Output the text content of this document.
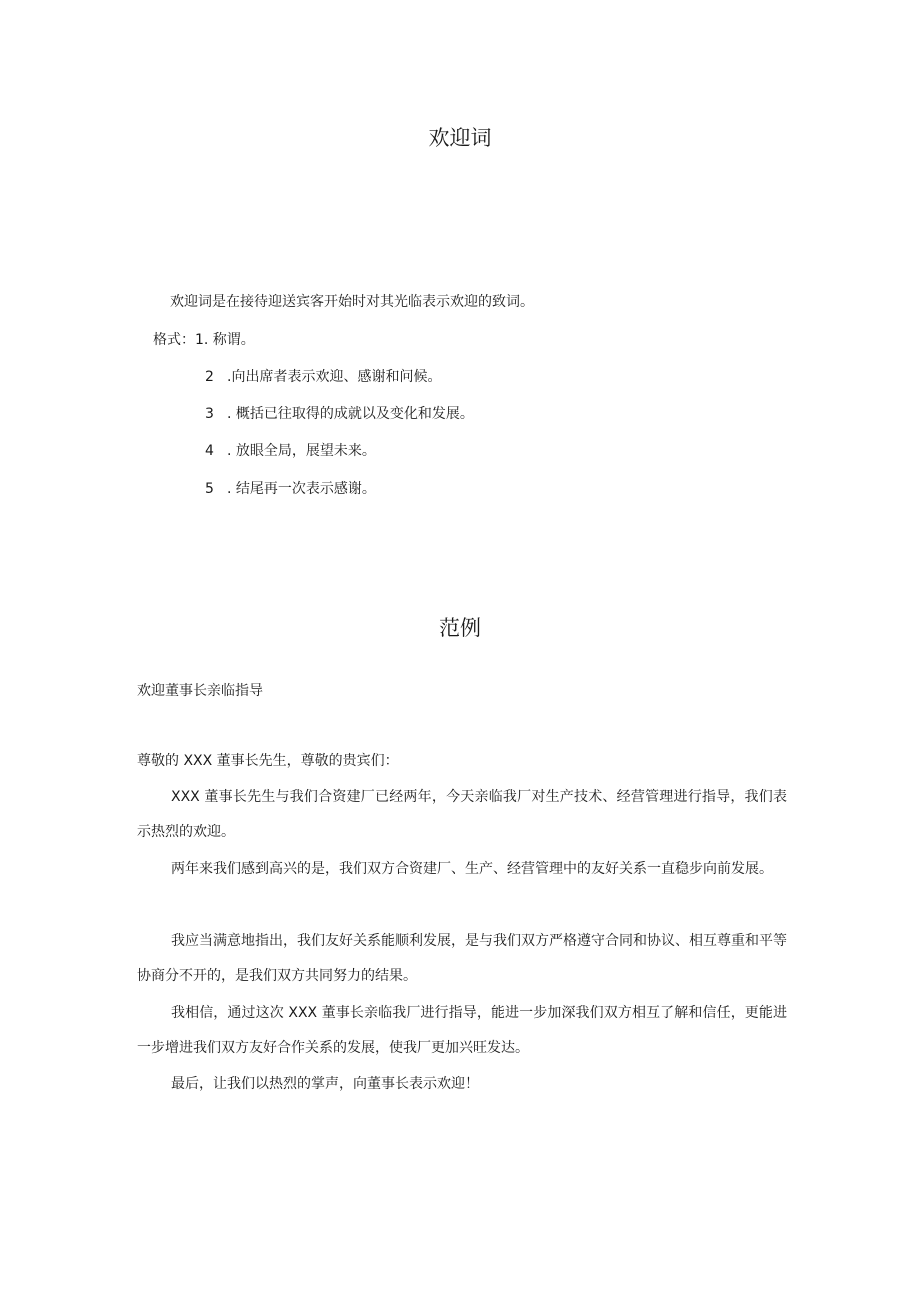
欢迎词
欢迎词是在接待迎送宾客开始时对其光临表示欢迎的致词。
格式：1. 称谓。
2 .向出席者表示欢迎、感谢和问候。
3 . 概括已往取得的成就以及变化和发展。
4 . 放眼全局，展望未来。
5 . 结尾再一次表示感谢。
范例
欢迎董事长亲临指导
尊敬的 XXX 董事长先生，尊敬的贵宾们：
XXX 董事长先生与我们合资建厂已经两年，今天亲临我厂对生产技术、经营管理进行指导，我们表示热烈的欢迎。
两年来我们感到高兴的是，我们双方合资建厂、生产、经营管理中的友好关系一直稳步向前发展。
我应当满意地指出，我们友好关系能顺利发展，是与我们双方严格遵守合同和协议、相互尊重和平等协商分不开的，是我们双方共同努力的结果。
我相信，通过这次 XXX 董事长亲临我厂进行指导，能进一步加深我们双方相互了解和信任，更能进一步增进我们双方友好合作关系的发展，使我厂更加兴旺发达。
最后，让我们以热烈的掌声，向董事长表示欢迎！
